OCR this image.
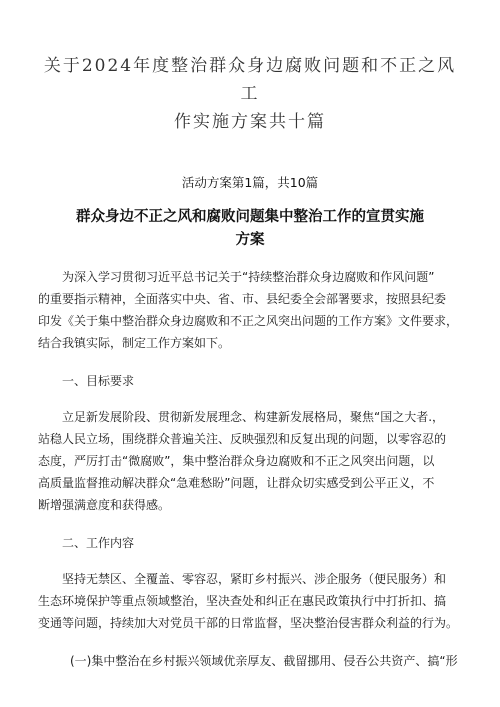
关于2024年度整治群众身边腐败问题和不正之风工
作实施方案共十篇
活动方案第1篇，共10篇
群众身边不正之风和腐败问题集中整治工作的宣贯实施
方案
为深入学习贯彻习近平总书记关于“持续整治群众身边腐败和作风问题”
的重要指示精神，全面落实中央、省、市、县纪委全会部署要求，按照县纪委
印发《关于集中整治群众身边腐败和不正之风突出问题的工作方案》文件要求，
结合我镇实际，制定工作方案如下。
一、目标要求
立足新发展阶段、贯彻新发展理念、构建新发展格局，聚焦“国之大者.，
站稳人民立场，围绕群众普遍关注、反映强烈和反复出现的问题，以零容忍的
态度，严厉打击“微腐败”，集中整治群众身边腐败和不正之风突出问题，以
高质量监督推动解决群众“急难愁盼”问题，让群众切实感受到公平正义，不
断增强满意度和获得感。
二、工作内容
坚持无禁区、全覆盖、零容忍，紧盯乡村振兴、涉企服务（便民服务）和
生态环境保护等重点领域整治，坚决查处和纠正在惠民政策执行中打折扣、搞
变通等问题，持续加大对党员干部的日常监督，坚决整治侵害群众利益的行为。
(一)集中整治在乡村振兴领域优亲厚友、截留挪用、侵吞公共资产、搞“形
